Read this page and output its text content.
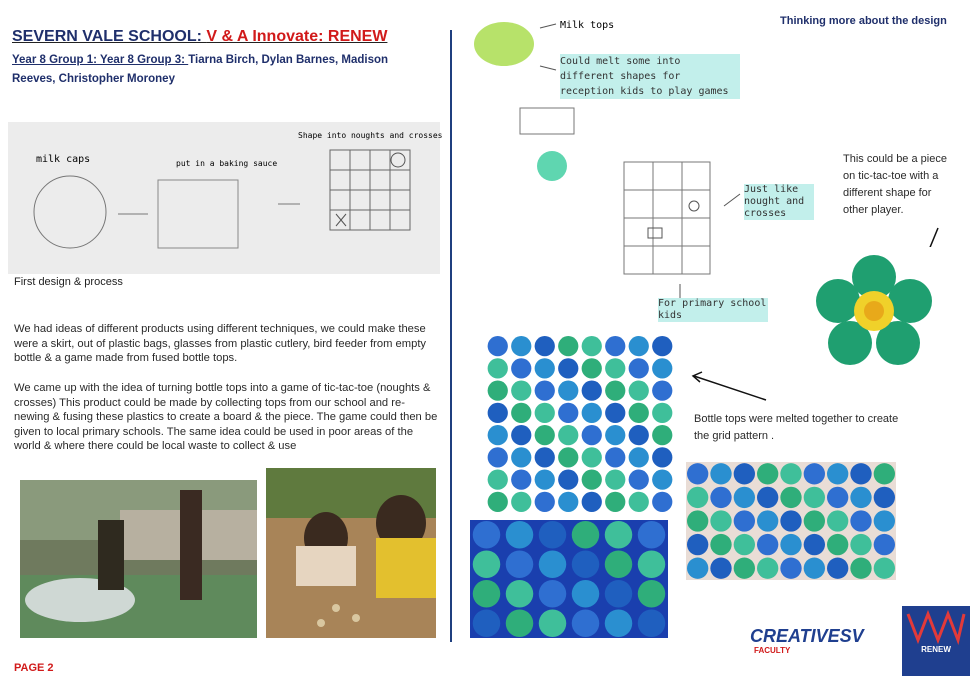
SEVERN VALE SCHOOL: V & A Innovate: RENEW
Year 8 Group 1: Year 8 Group 3: Tiarna Birch, Dylan Barnes, Madison Reeves, Christopher Moroney
Thinking more about the design
milk caps	put in a baking sauce
Shape into noughts and crosses
First design & process
We had ideas of different products using different techniques, we could make these were a skirt, out of plastic bags, glasses from plastic cutlery, bird feeder from empty bottle & a game made from fused bottle tops.
We came up with the idea of turning bottle tops into a game of tic-tac-toe (noughts & crosses) This product could be made by collecting tops from our school and re-newing & fusing these plastics to create a board & the piece. The game could then be given to local primary schools. The same idea could be used in poor areas of the world & where there could be local waste to collect & use
PAGE 2
Milk tops
Could melt some into different shapes for reception kids to play games
Just like nought and crosses
For primary school kids
This could be a piece on tic-tac-toe with a different shape for other player.
Bottle tops were melted together to create the grid pattern .
CREATIVESV
FACULTY	RENEW
